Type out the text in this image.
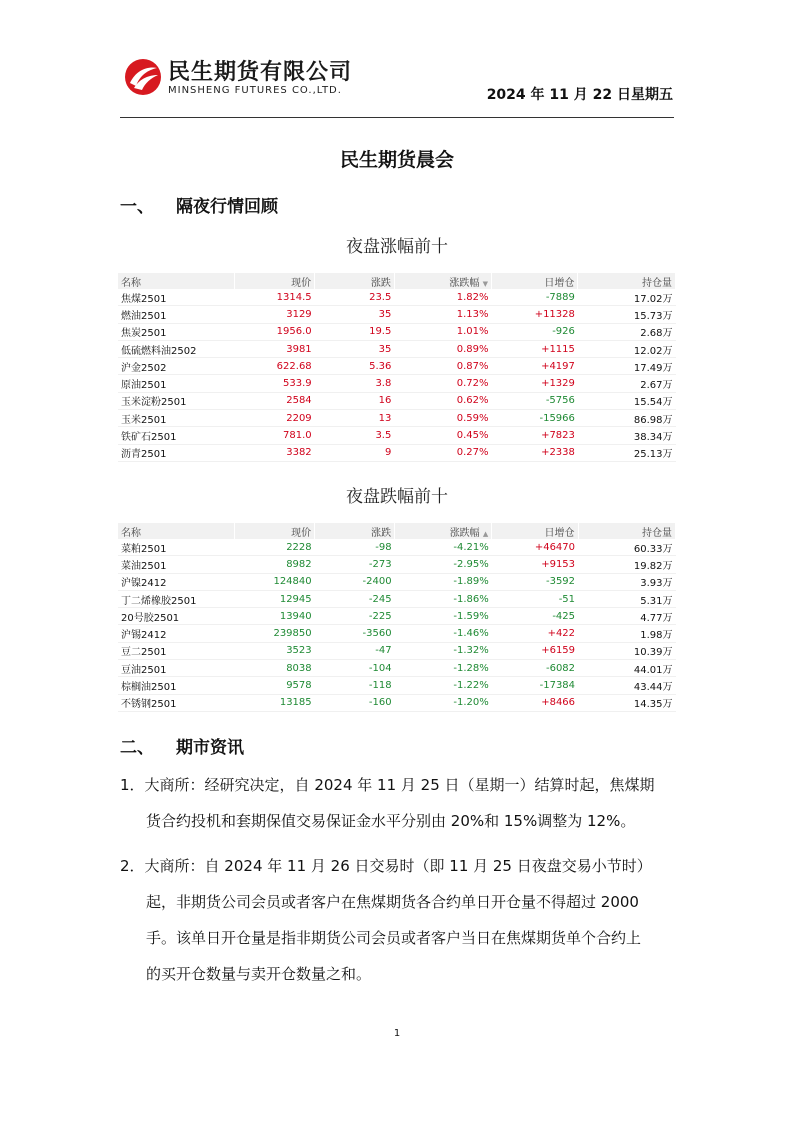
民生期货有限公司
MINSHENG FUTURES CO.,LTD.	2024 年 11 月 22 日星期五
民生期货晨会
一、 隔夜行情回顾
夜盘涨幅前十
名称	现价	涨跌	涨跌幅 ▼	日增仓	持仓量
焦煤2501	1314.5	23.5	1.82%	-7889	17.02万
燃油2501	3129	35	1.13%	+11328	15.73万
焦炭2501	1956.0	19.5	1.01%	-926	2.68万
低硫燃料油2502	3981	35	0.89%	+1115	12.02万
沪金2502	622.68	5.36	0.87%	+4197	17.49万
原油2501	533.9	3.8	0.72%	+1329	2.67万
玉米淀粉2501	2584	16	0.62%	-5756	15.54万
玉米2501	2209	13	0.59%	-15966	86.98万
铁矿石2501	781.0	3.5	0.45%	+7823	38.34万
沥青2501	3382	9	0.27%	+2338	25.13万
夜盘跌幅前十
名称	现价	涨跌	涨跌幅 ▲	日增仓	持仓量
菜粕2501	2228	-98	-4.21%	+46470	60.33万
菜油2501	8982	-273	-2.95%	+9153	19.82万
沪镍2412	124840	-2400	-1.89%	-3592	3.93万
丁二烯橡胶2501	12945	-245	-1.86%	-51	5.31万
20号胶2501	13940	-225	-1.59%	-425	4.77万
沪锡2412	239850	-3560	-1.46%	+422	1.98万
豆二2501	3523	-47	-1.32%	+6159	10.39万
豆油2501	8038	-104	-1.28%	-6082	44.01万
棕榈油2501	9578	-118	-1.22%	-17384	43.44万
不锈钢2501	13185	-160	-1.20%	+8466	14.35万
二、 期市资讯
1．大商所：经研究决定，自 2024 年 11 月 25 日（星期一）结算时起，焦煤期
货合约投机和套期保值交易保证金水平分别由 20%和 15%调整为 12%。
2．大商所：自 2024 年 11 月 26 日交易时（即 11 月 25 日夜盘交易小节时）
起，非期货公司会员或者客户在焦煤期货各合约单日开仓量不得超过 2000
手。该单日开仓量是指非期货公司会员或者客户当日在焦煤期货单个合约上
的买开仓数量与卖开仓数量之和。
1
